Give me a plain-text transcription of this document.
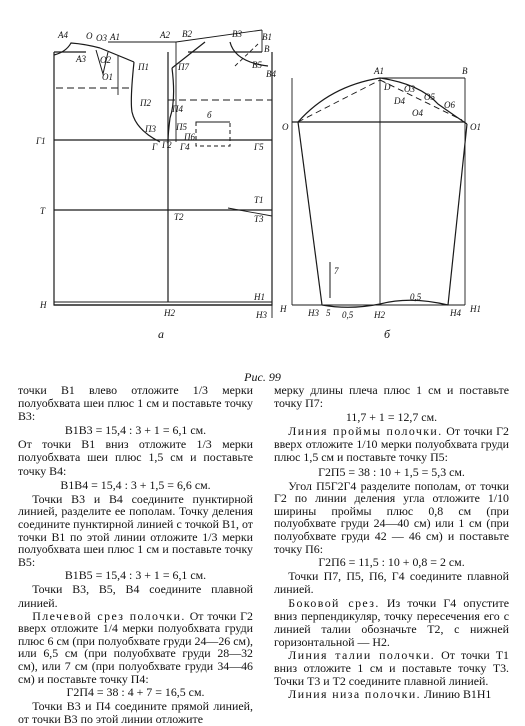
A4 O O3 A1	A2 B2	B3 B1
B
A3 O2
П1
O1
П7
B4
B5
П2
П3 П5
П6
б
Г1
Г	Г4
Г2	Г5
Т
Т2
Т1
Т3
Н
Н2
Н1
Н3
П4
а
A1	B
D O3
O5
O6
D4
O4
O	O1
Н Н3 5 0,5
0,5
7
Н4 Н1
Н2
б
Рис. 99

точки B1 влево отложите 1/3 мерки полуобхвата шеи плюс 1 см и поставьте точку B3:

B1B3 = 15,4 : 3 + 1 = 6,1 см.

От точки B1 вниз отложите 1/3 мерки полуобхвата шеи плюс 1,5 см и поставьте точку B4:

B1B4 = 15,4 : 3 + 1,5 = 6,6 см.

Точки B3 и B4 соедините пунктирной линией, разделите ее пополам. Точку деления соедините пунктирной линией с точкой B1, от точки B1 по этой линии отложите 1/3 мерки полуобхвата шеи плюс 1 см и поставьте точку B5:

B1B5 = 15,4 : 3 + 1 = 6,1 см.

Точки B3, B5, B4 соедините плавной линией.

Плечевой срез полочки. От точки Г2 вверх отложите 1/4 мерки полуобхвата груди плюс 6 см (при полуобхвате груди 24—26 см), или 6,5 см (при полуобхвате груди 28—32 см), или 7 см (при полуобхвате груди 34—46 см) и поставьте точку П4:

Г2П4 = 38 : 4 + 7 = 16,5 см.

Точки B3 и П4 соедините прямой линией, от точки B3 по этой линии отложите

мерку длины плеча плюс 1 см и поставьте точку П7:

11,7 + 1 = 12,7 см.

Линия проймы полочки. От точки Г2 вверх отложите 1/10 мерки полуобхвата груди плюс 1,5 см и поставьте точку П5:

Г2П5 = 38 : 10 + 1,5 = 5,3 см.

Угол П5Г2Г4 разделите пополам, от точки Г2 по линии деления угла отложите 1/10 ширины проймы плюс 0,8 см (при полуобхвате груди 24—40 см) или 1 см (при полуобхвате груди 42 — 46 см) и поставьте точку П6:

Г2П6 = 11,5 : 10 + 0,8 = 2 см.

Точки П7, П5, П6, Г4 соедините плавной линией.

Боковой срез. Из точки Г4 опустите вниз перпендикуляр, точку пересечения его с линией талии обозначьте Т2, с нижней горизонтальной — Н2.

Линия талии полочки. От точки Т1 вниз отложите 1 см и поставьте точку Т3. Точки Т3 и Т2 соедините плавной линией.

Линия низа полочки. Линию B1H1
